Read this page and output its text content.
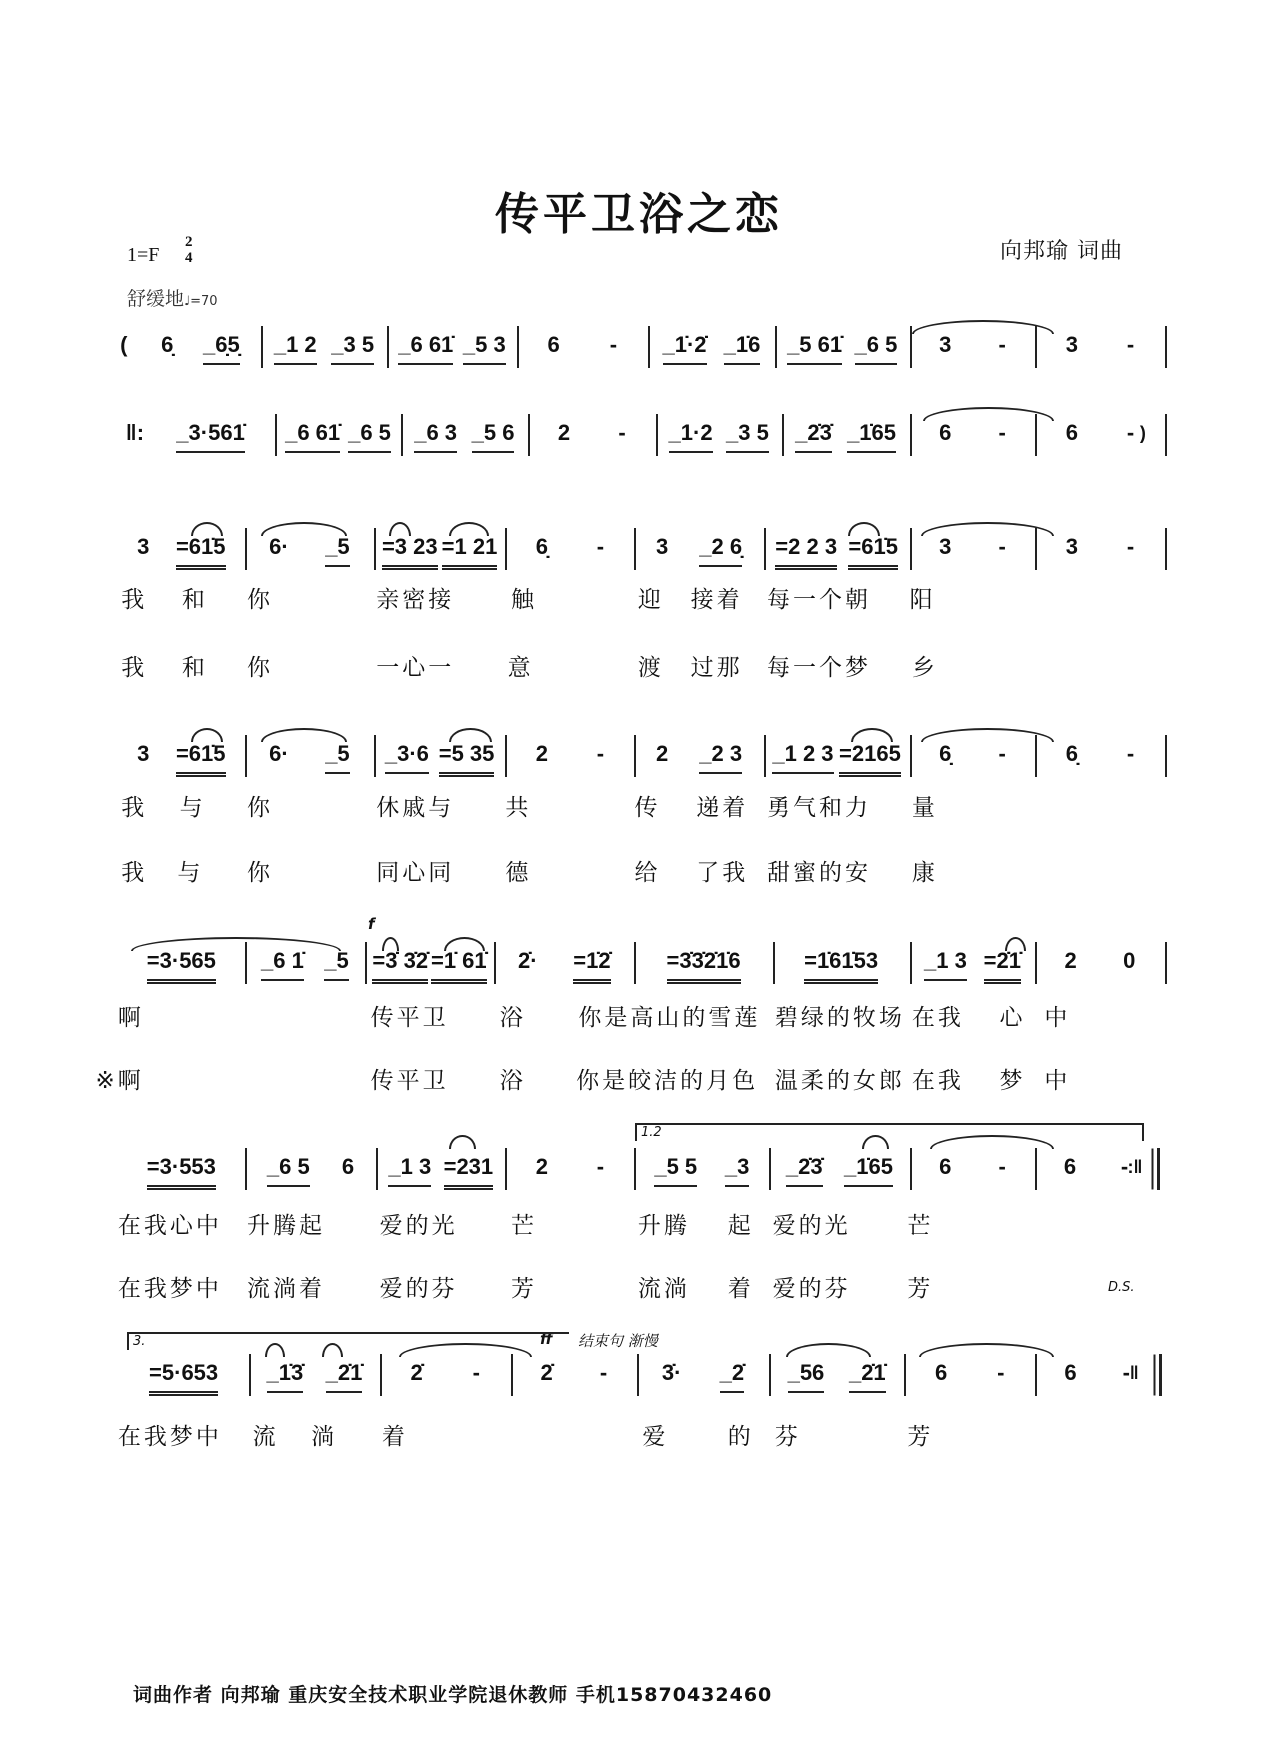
传平卫浴之恋
向邦瑜 词曲
1=F
2
4
舒缓地♩=70
f
ff 结束句 渐慢
D.S.
1.2
3.
词曲作者 向邦瑜 重庆安全技术职业学院退休教师 手机15870432460
( 6̣ _6̣5̣ _1 2 _3 5 _6 61̇ _5 3 6 - _1̇·2̇ _1̇6 _5 61̇ _6 5 3 -	3 -
‖:	)
_3·561̇ _6 61̇ _6 5 _6 3 _5 6 2 - _1·2 _3 5 _2̇3̇ _1̇65 6 -	6 -
3 =61̇5 6· _5 =3 23 =1 21 6̣ - 3 _2 6̣ =2 2 3 =61̇5 3 -	3 -
我 和 你	亲密接 触	迎 接着 每一个朝 阳
我 和 你	一心一 意	渡 过那 每一个梦 乡
3 =61̇5 6· _5 _3·6 =5 35 2 - 2 _2 3 _1 2 3 =2165 6̣ -	6̣ -
我 与 你	休戚与 共	传 递着 勇气和力 量
我 与 你	同心同 德	给 了我 甜蜜的安 康
=3·565 _6 1̇ _5 =3̇ 3̇2̇ =1̇ 61̇ 2̇· =1̇2̇	=3̇3̇2̇1̇6	=1̇61̇53 _1 3 =2̇1̇ 2 0
啊	传平卫 浴 你是高山的雪莲 碧绿的牧场 在我 心 中
※啊	传平卫 浴 你是皎洁的月色 温柔的女郎 在我 梦 中
:‖
=3·553 _6 5 6 _1 3 =231 2 - _5 5 _3 _2̇3̇ _1̇65 6 -	6 -
在我心中 升腾起 爱的光 芒	升腾 起 爱的光 芒
在我梦中 流淌着 爱的芬 芳	流淌 着 爱的芬 芳
‖
=5·653 _1̇3̇ _2̇1̇ 2̇ -	2̇ - 3̇· _2̇ _56 _2̇1̇ 6 -	6 -
在我梦中 流 淌 着	爱	的 芬	芳
